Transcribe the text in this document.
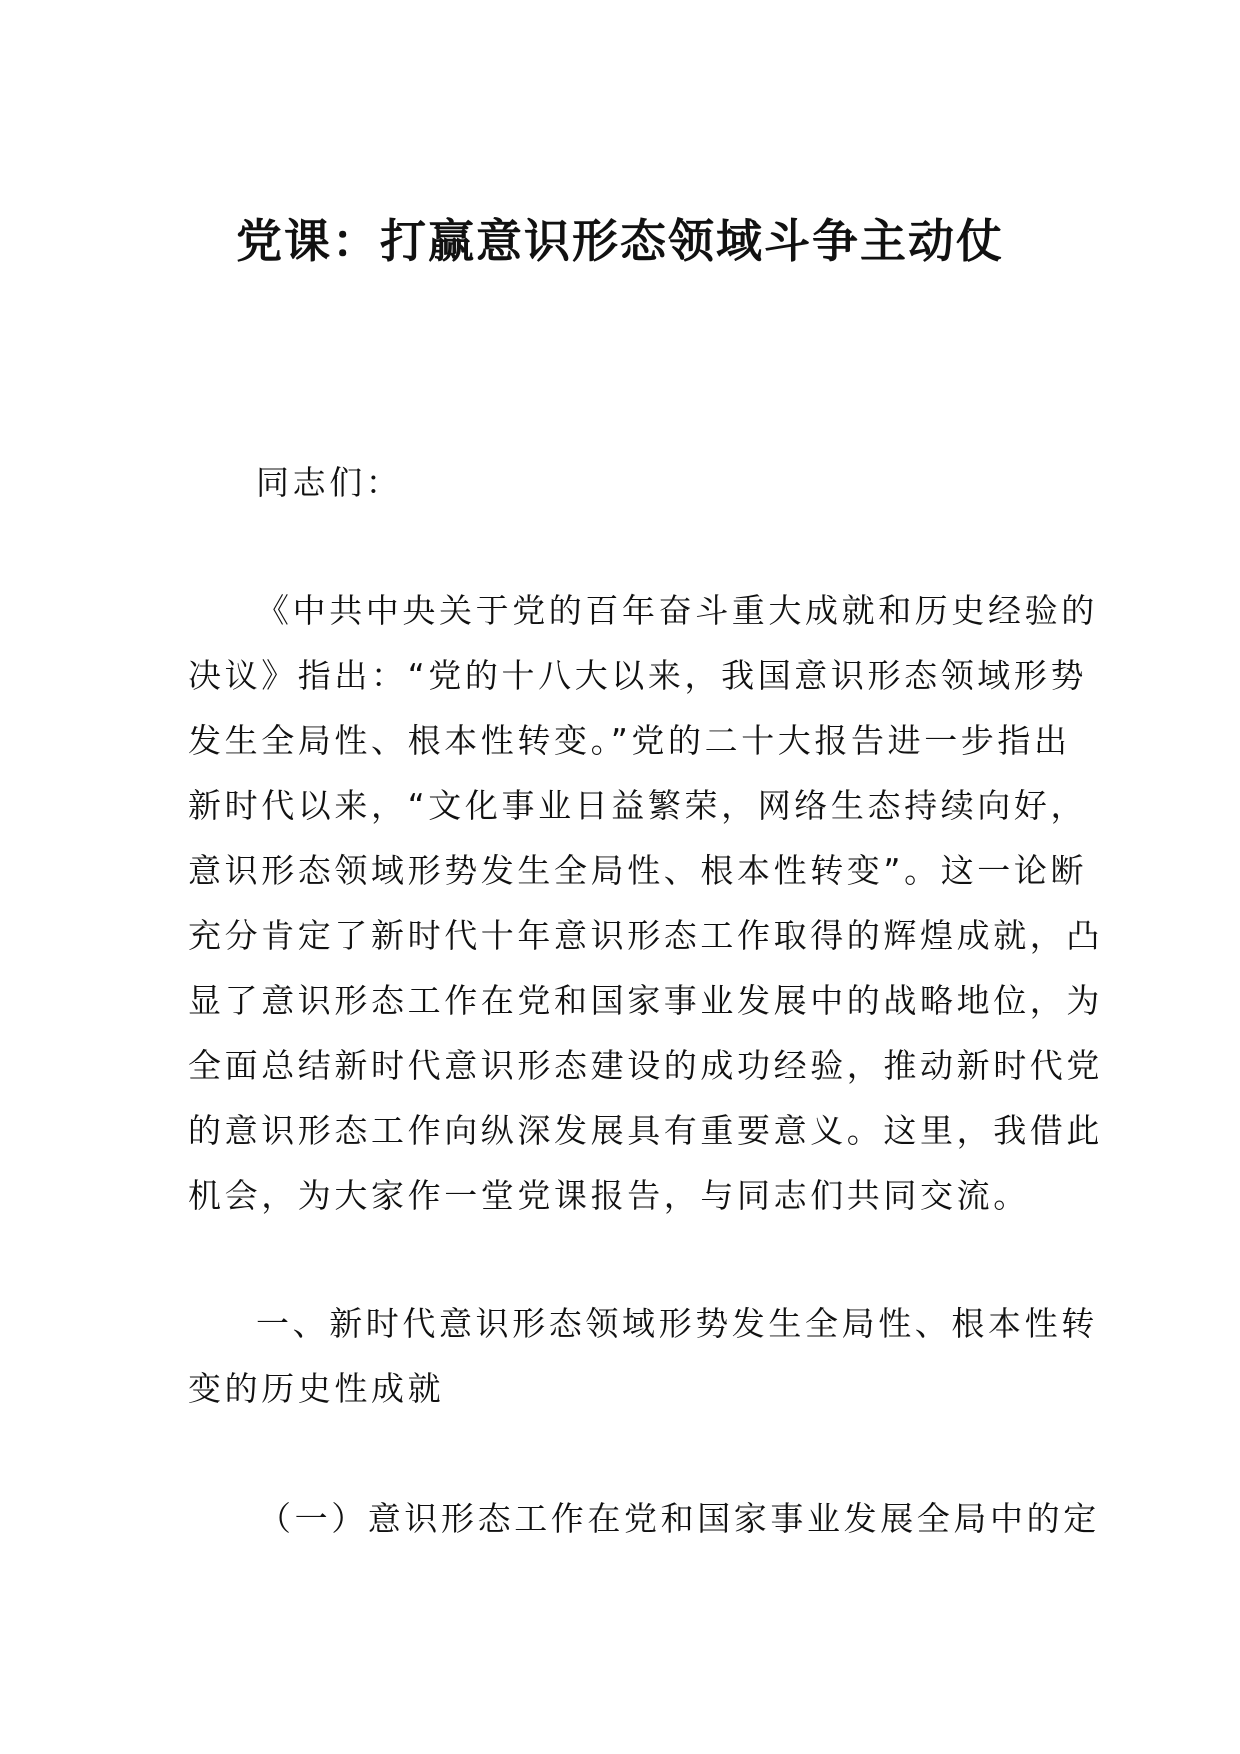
党课：打赢意识形态领域斗争主动仗
同志们：
《中共中央关于党的百年奋斗重大成就和历史经验的
决议》指出：“党的十八大以来，我国意识形态领域形势
发生全局性、根本性转变。”党的二十大报告进一步指出
新时代以来，“文化事业日益繁荣，网络生态持续向好，
意识形态领域形势发生全局性、根本性转变”。这一论断
充分肯定了新时代十年意识形态工作取得的辉煌成就，凸
显了意识形态工作在党和国家事业发展中的战略地位，为
全面总结新时代意识形态建设的成功经验，推动新时代党
的意识形态工作向纵深发展具有重要意义。这里，我借此
机会，为大家作一堂党课报告，与同志们共同交流。
一、新时代意识形态领域形势发生全局性、根本性转
变的历史性成就
（一）意识形态工作在党和国家事业发展全局中的定
